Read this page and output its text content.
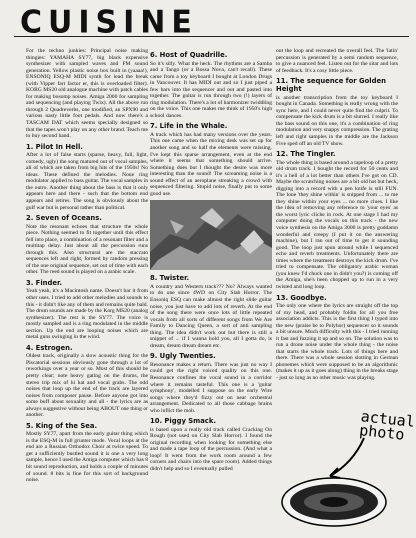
CUISINE

For the techno junkies: Principal noise making thingies: YAMAHA SY77, big black expensive synthesizer with sampled waves and FM sound generation. Yellow plastic noise box built in (yaaaa!), ENSONIQ ESQ-M MIDI synth for lead the break (with Vipper fart factor er, this is overloaded filter). KORG MS20 old analogue machine with patch cables for making bosomp noises. Amiga 2000 for sampling and sequencing (and playing Twix). All the above run through 2 Quadreverbs, one modified, an SPX90 and various nasty little foot pedals. And now there's a TASCAM DAT which seems specially designed so that the tapes won't play on any other brand. Teach me to buy second hand.

1. Pilot In Hell.

After a lot of false starts (sparse, heavy, full, light, comedy, ugly) the song matured out of vocal samples, all of which are taken from big hits of the 1950s! No ideas. These defined the melodies. None ring modulator applied to bass guitar. The vocal samples in the outro. Another thing about the bass is that it only appears here and there - such that the bottom end appears and retires. The song is obviously about the gulf war but is personal rather than political.

2. Seven of Oceans.

Note the resonant echoes that structure the whole piece. Nothing seemed to fit together until this effect fell into place, a combination of a resonant filter and a multitap delay. Just about all the percussion runs through this. Also structural are the staccato sequences left and right, formed by random pressing of the one original sequence, set out of time with each other. The reed sound is played on a arabic scale.

3. Finder.

Yeah yeah, it's a Macintosh name. Doesn't bar it from other uses. I tried to add other melodies and sounds to this - it didn't like any of them and remains quite bald. The drum sounds are made by the Korg MS20 (analog synthesizer). The rest is the SY77. The voice is mostly sampled and is a ring modulated in the middle section. Up the end are looping noises which are metal guns swinging in the wind.

4. Estrogen.

Oldest track, originally a slow acoustic thing for the Piscatorial sessions obviously gone through a lot of reworkings over a year or so. Most of this should be pretty clear; note heavy gating on the drums, the stereo trip mix of hi hat and vocal grabs. The odd noises that loop up the end of the track are layered noises from composer pause. Before anyone got into some buff about sexuality and all - the lyrics are as always suggestive without being ABOUT one thing or another.

5. King of the Sea.

Mostly SY77, apart from the early guitar thing which is the ESQ-M in full grunter mode. Vocal loops at the end are a Russian Orthodox Choir at twice speed. To get a sufficiently bustled sound it is one a very long sample, hence I used the Amiga computer which has 8 bit sound reproduction, and holds a couple of minutes of sound. 8 bits is fine for this sort of background noise.

6. Host of Quadrille.

So it's silly. What the heck. The rhythms are a Samba and a Tango (or a Bossa Nova, can't recall). These came from a toy keyboard I bought at London Drugs in Vancouver. It has MIDI out and so I just piped a few bars into the sequencer and out and pasted into together. The guitar is run through two (!) layers of ring modulation. There's a lot of harmonizer twiddling on the voice. This one makes me think of 1950's high school dances.

7. Life in the Whale.

A track which has had many versions over the years. This one came when the mixing desk was set up for another song and so half the elements were missing. I've kept this sparse arrangement, even at the end where it seems that something should arrive. Something does but I thought the desire was more interesting than the sound! The screaming noise is a sound effect of an aeroplane streaking a crowd with sequenced filtering. Stupid noise, finally put to some good use.

8. Twister.

A country and Western track??? No? Always wanted to do one since 4WD on City Slab Horror. The Ensoniq ESQ can make almost the right slide guitar noise, you just have to add lots of reverb. At the end of the song there were once lots of little repeated vocals from all sorts of different songs from We Are Family to Dancing Queen, a sort of anti sampling thing. The idea didn't work out but there is still a snippet of ... if I wanna hold you, all I gotta do, is dream, dream dream dream etc.

9. Ugly Twenties.

Resonance makes a return. There was just no way I could get the right voiced quality on this one. Resonance confines the vocal sound in a corridor where it remains tasteful. This one is a 'guitar symphony', modelled I suppose on the early Wire songs where they'd fizzy out on near orchestral arrangement. Dedicated to all those cabbage brains who inflict the mob.

10. Piggy Smack.

is based upon a really old track called Cracking On Rough (not used on City Slab Horror). I found the original recording when looking for something else and made a tape loop of the percussion. (And what a loop! It went from the work room around a few corners and chairs into the spare room). Added things didn't help and so I eventually pulled

out the loop and recreated the overall feel. The 'latin' percussion is generated by a semi random sequence, to give a nuanced feel. Listen out for the sitar and lots of feedback. It's a cosy little piece.

11. The sequence for Golden Height

is another transcription from the toy keyboard I bought in Canada. Something is really wrong with the sync here, and I could never quite find the culprit. To compensate the kick drum is a bit slurred. I really like the bass sound on this one, it's a combination of ring modulation and very snappy compression. The grating left and right samples in the middle are the Jackson Five sped off an old TV show.

12. The Tingler.

The whole thing is based around a tapeloop of a pretty old drum track. I bought the record for 50 cents and it's a hell of a lot better than others I've got on CD. Maybe the scratching noises are a bit old hat but heck, digging into a record with a pen knife is still FUN. The lone 'they shine within' is snipped from ... to me they shine within your eyes ... no more clues. I like the idea of removing any reference to 'your eyes' as the worst lyric cliche in rock. At one stage I had my computer doing the vocals on this track - the new voice synthesis on the Amiga 3000 is pretty goddamn wonderful and creepy (I put it on the answering machine), but I ran out of time to get it sounding good. The loop just spun around while I sequenced echo and reverb treatments. Unfortunately there are times where the treatment destroys the kick drum. I've tried to compensate. The obligatory arabic woman (you knew I'd chuck one in didn't you?) is coming off the Amiga, she's been chopped up to run in a very twisted and long loop.

13. Goodbye.

The only one where the lyrics are straight off the top of my head, and probably foldin for all you free association addicts. This is the first thing I typed into the new (praise be to Polyhor) sequencer so it sounds a bit unsure. Much difficulty with this - I tried running it fast and fuzzing it up and so on. The solution was to run a drone noise under the whole thing - the noise that starts the whole track. Lots of things here and there. There was a whole session slotting in German phonemes which were supposed to be an algorithmic (makes it up as it goes along) thing in the breaks stage - just so long as no other music was playing.

actual
photo
